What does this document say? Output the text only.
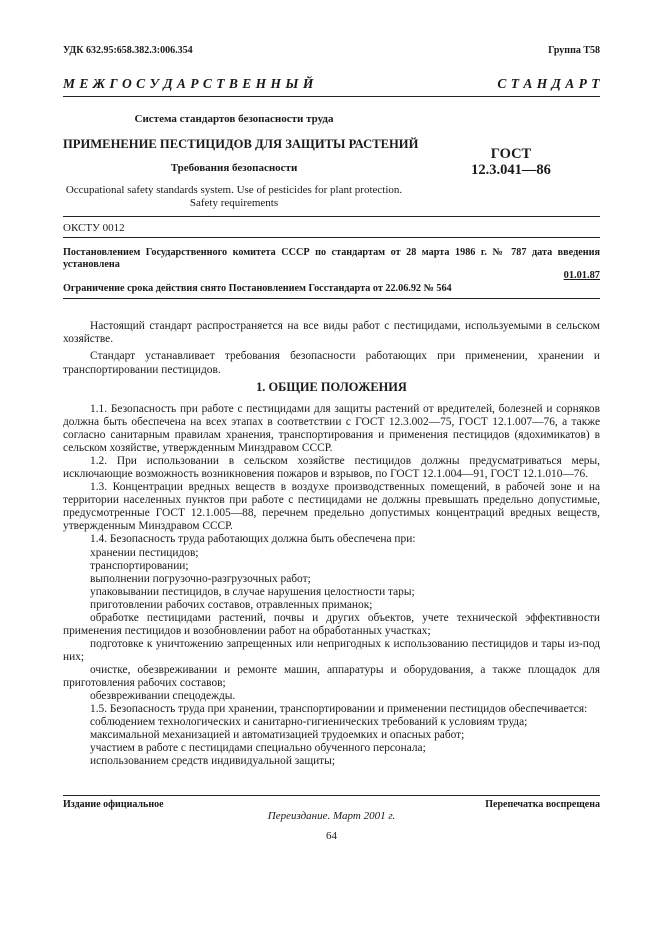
УДК 632.95:658.382.3:006.354	Группа Т58
М Е Ж Г О С У Д А Р С Т В Е Н Н Ы Й	С Т А Н Д А Р Т
Система стандартов безопасности труда
ПРИМЕНЕНИЕ ПЕСТИЦИДОВ ДЛЯ ЗАЩИТЫ РАСТЕНИЙ
Требования безопасности
ГОСТ
12.3.041—86
Occupational safety standards system. Use of pesticides for plant protection.
Safety requirements
ОКСТУ 0012
Постановлением Государственного комитета СССР по стандартам от 28 марта 1986 г. № 787 дата введения установлена
01.01.87
Ограничение срока действия снято Постановлением Госстандарта от 22.06.92 № 564

Настоящий стандарт распространяется на все виды работ с пестицидами, используемыми в сельском хозяйстве.

Стандарт устанавливает требования безопасности работающих при применении, хранении и транспортировании пестицидов.

1. ОБЩИЕ ПОЛОЖЕНИЯ

1.1. Безопасность при работе с пестицидами для защиты растений от вредителей, болезней и сорняков должна быть обеспечена на всех этапах в соответствии с ГОСТ 12.3.002—75, ГОСТ 12.1.007—76, а также согласно санитарным правилам хранения, транспортирования и применения пестицидов (ядохимикатов) в сельском хозяйстве, утвержденным Минздравом СССР.

1.2. При использовании в сельском хозяйстве пестицидов должны предусматриваться меры, исключающие возможность возникновения пожаров и взрывов, по ГОСТ 12.1.004—91, ГОСТ 12.1.010—76.

1.3. Концентрации вредных веществ в воздухе производственных помещений, в рабочей зоне и на территории населенных пунктов при работе с пестицидами не должны превышать предельно допустимые, предусмотренные ГОСТ 12.1.005—88, перечнем предельно допустимых концентраций вредных веществ, утвержденным Минздравом СССР.

1.4. Безопасность труда работающих должна быть обеспечена при:

хранении пестицидов;

транспортировании;

выполнении погрузочно-разгрузочных работ;

упаковывании пестицидов, в случае нарушения целостности тары;

приготовлении рабочих составов, отравленных приманок;

обработке пестицидами растений, почвы и других объектов, учете технической эффективности применения пестицидов и возобновлении работ на обработанных участках;

подготовке к уничтожению запрещенных или непригодных к использованию пестицидов и тары из-под них;

очистке, обезвреживании и ремонте машин, аппаратуры и оборудования, а также площадок для приготовления рабочих составов;

обезвреживании спецодежды.

1.5. Безопасность труда при хранении, транспортировании и применении пестицидов обеспечивается:

соблюдением технологических и санитарно-гигиенических требований к условиям труда;

максимальной механизацией и автоматизацией трудоемких и опасных работ;

участием в работе с пестицидами специально обученного персонала;

использованием средств индивидуальной защиты;

Издание официальное	Перепечатка воспрещена
Переиздание. Март 2001 г.
64
